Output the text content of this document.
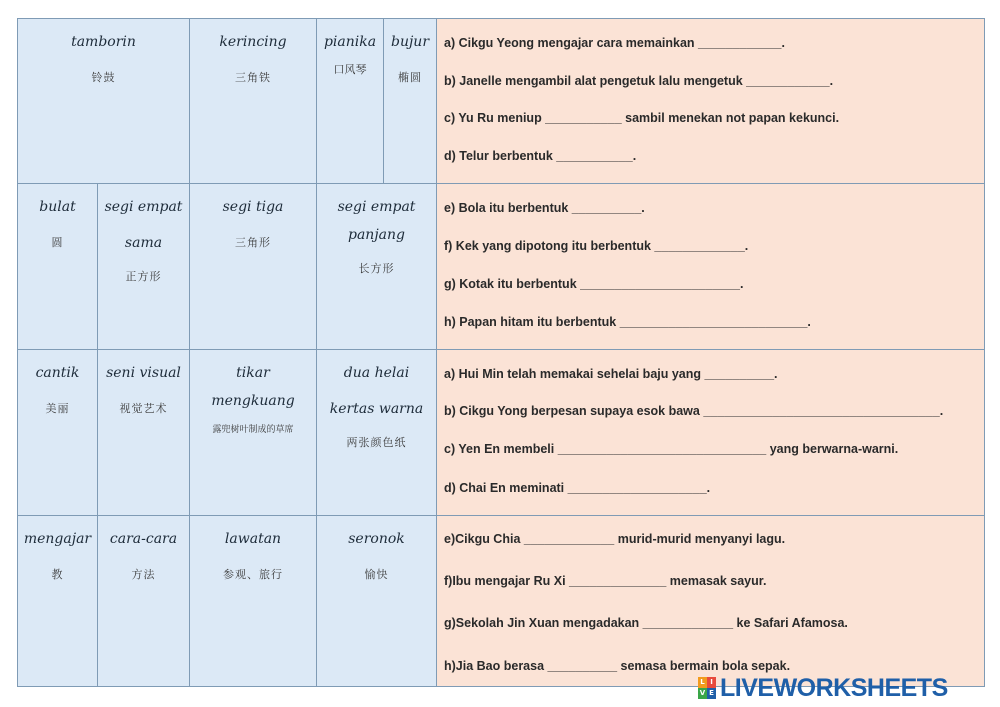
tamborin
铃鼓
kerincing
三角铁
pianika
口风琴
bujur
椭圆
a) Cikgu Yeong mengajar cara memainkan ____________.
b) Janelle mengambil alat pengetuk lalu mengetuk ____________.
c) Yu Ru meniup ___________ sambil menekan not papan kekunci.
d) Telur berbentuk ___________.
bulat
圆
segi empat
sama
正方形
segi tiga
三角形
segi empat
panjang
长方形
e) Bola itu berbentuk __________.
f) Kek yang dipotong itu berbentuk _____________.
g) Kotak itu berbentuk _______________________.
h) Papan hitam itu berbentuk ___________________________.
cantik
美丽
seni visual
视觉艺术
tikar
mengkuang
露兜树叶制成的草席
dua helai
kertas warna
两张颜色纸
a) Hui Min telah memakai sehelai baju yang __________.
b) Cikgu Yong berpesan supaya esok bawa __________________________________.
c) Yen En membeli ______________________________ yang berwarna-warni.
d) Chai En meminati ____________________.
mengajar
教
cara-cara
方法
lawatan
参观、旅行
seronok
愉快
e)Cikgu Chia _____________ murid-murid menyanyi lagu.
f)Ibu mengajar Ru Xi ______________ memasak sayur.
g)Sekolah Jin Xuan mengadakan _____________ ke Safari Afamosa.
h)Jia Bao berasa __________ semasa bermain bola sepak.
L I
V E LIVEWORKSHEETS
